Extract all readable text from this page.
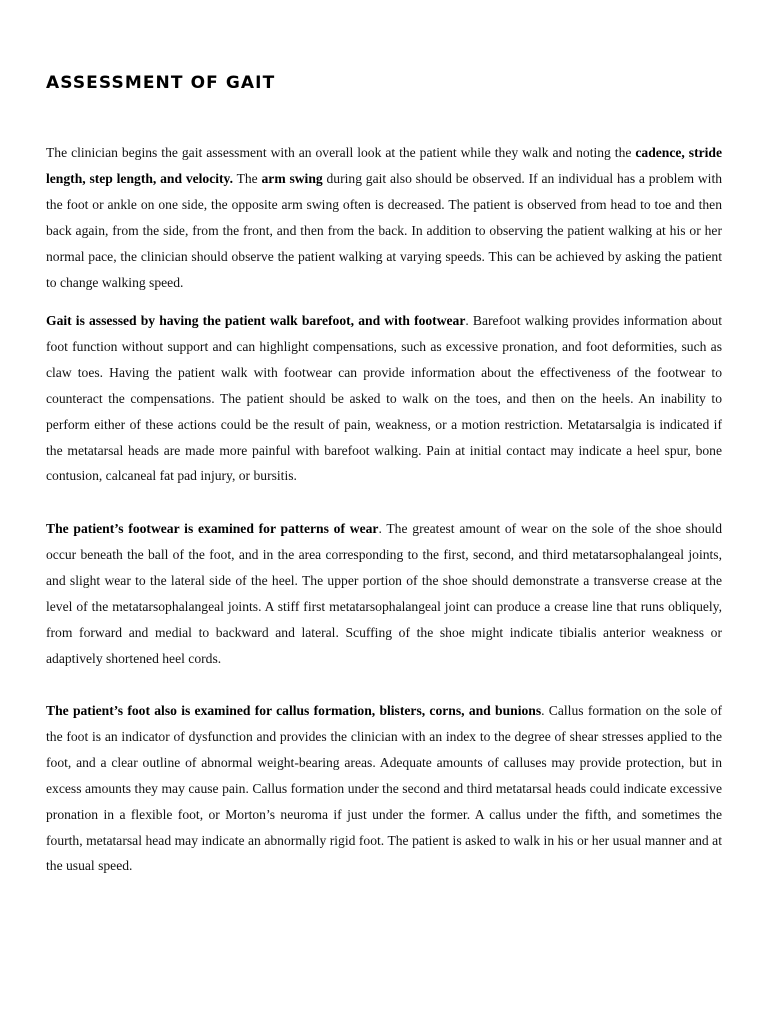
ASSESSMENT OF GAIT

The clinician begins the gait assessment with an overall look at the patient while they walk and noting the cadence, stride length, step length, and velocity. The arm swing during gait also should be observed. If an individual has a problem with the foot or ankle on one side, the opposite arm swing often is decreased. The patient is observed from head to toe and then back again, from the side, from the front, and then from the back. In addition to observing the patient walking at his or her normal pace, the clinician should observe the patient walking at varying speeds. This can be achieved by asking the patient to change walking speed.

Gait is assessed by having the patient walk barefoot, and with footwear. Barefoot walking provides information about foot function without support and can highlight compensations, such as excessive pronation, and foot deformities, such as claw toes. Having the patient walk with footwear can provide information about the effectiveness of the footwear to counteract the compensations. The patient should be asked to walk on the toes, and then on the heels. An inability to perform either of these actions could be the result of pain, weakness, or a motion restriction. Metatarsalgia is indicated if the metatarsal heads are made more painful with barefoot walking. Pain at initial contact may indicate a heel spur, bone contusion, calcaneal fat pad injury, or bursitis.

The patient’s footwear is examined for patterns of wear. The greatest amount of wear on the sole of the shoe should occur beneath the ball of the foot, and in the area corresponding to the first, second, and third metatarsophalangeal joints, and slight wear to the lateral side of the heel. The upper portion of the shoe should demonstrate a transverse crease at the level of the metatarsophalangeal joints. A stiff first metatarsophalangeal joint can produce a crease line that runs obliquely, from forward and medial to backward and lateral. Scuffing of the shoe might indicate tibialis anterior weakness or adaptively shortened heel cords.

The patient’s foot also is examined for callus formation, blisters, corns, and bunions. Callus formation on the sole of the foot is an indicator of dysfunction and provides the clinician with an index to the degree of shear stresses applied to the foot, and a clear outline of abnormal weight-bearing areas. Adequate amounts of calluses may provide protection, but in excess amounts they may cause pain. Callus formation under the second and third metatarsal heads could indicate excessive pronation in a flexible foot, or Morton’s neuroma if just under the former. A callus under the fifth, and sometimes the fourth, metatarsal head may indicate an abnormally rigid foot. The patient is asked to walk in his or her usual manner and at the usual speed.
